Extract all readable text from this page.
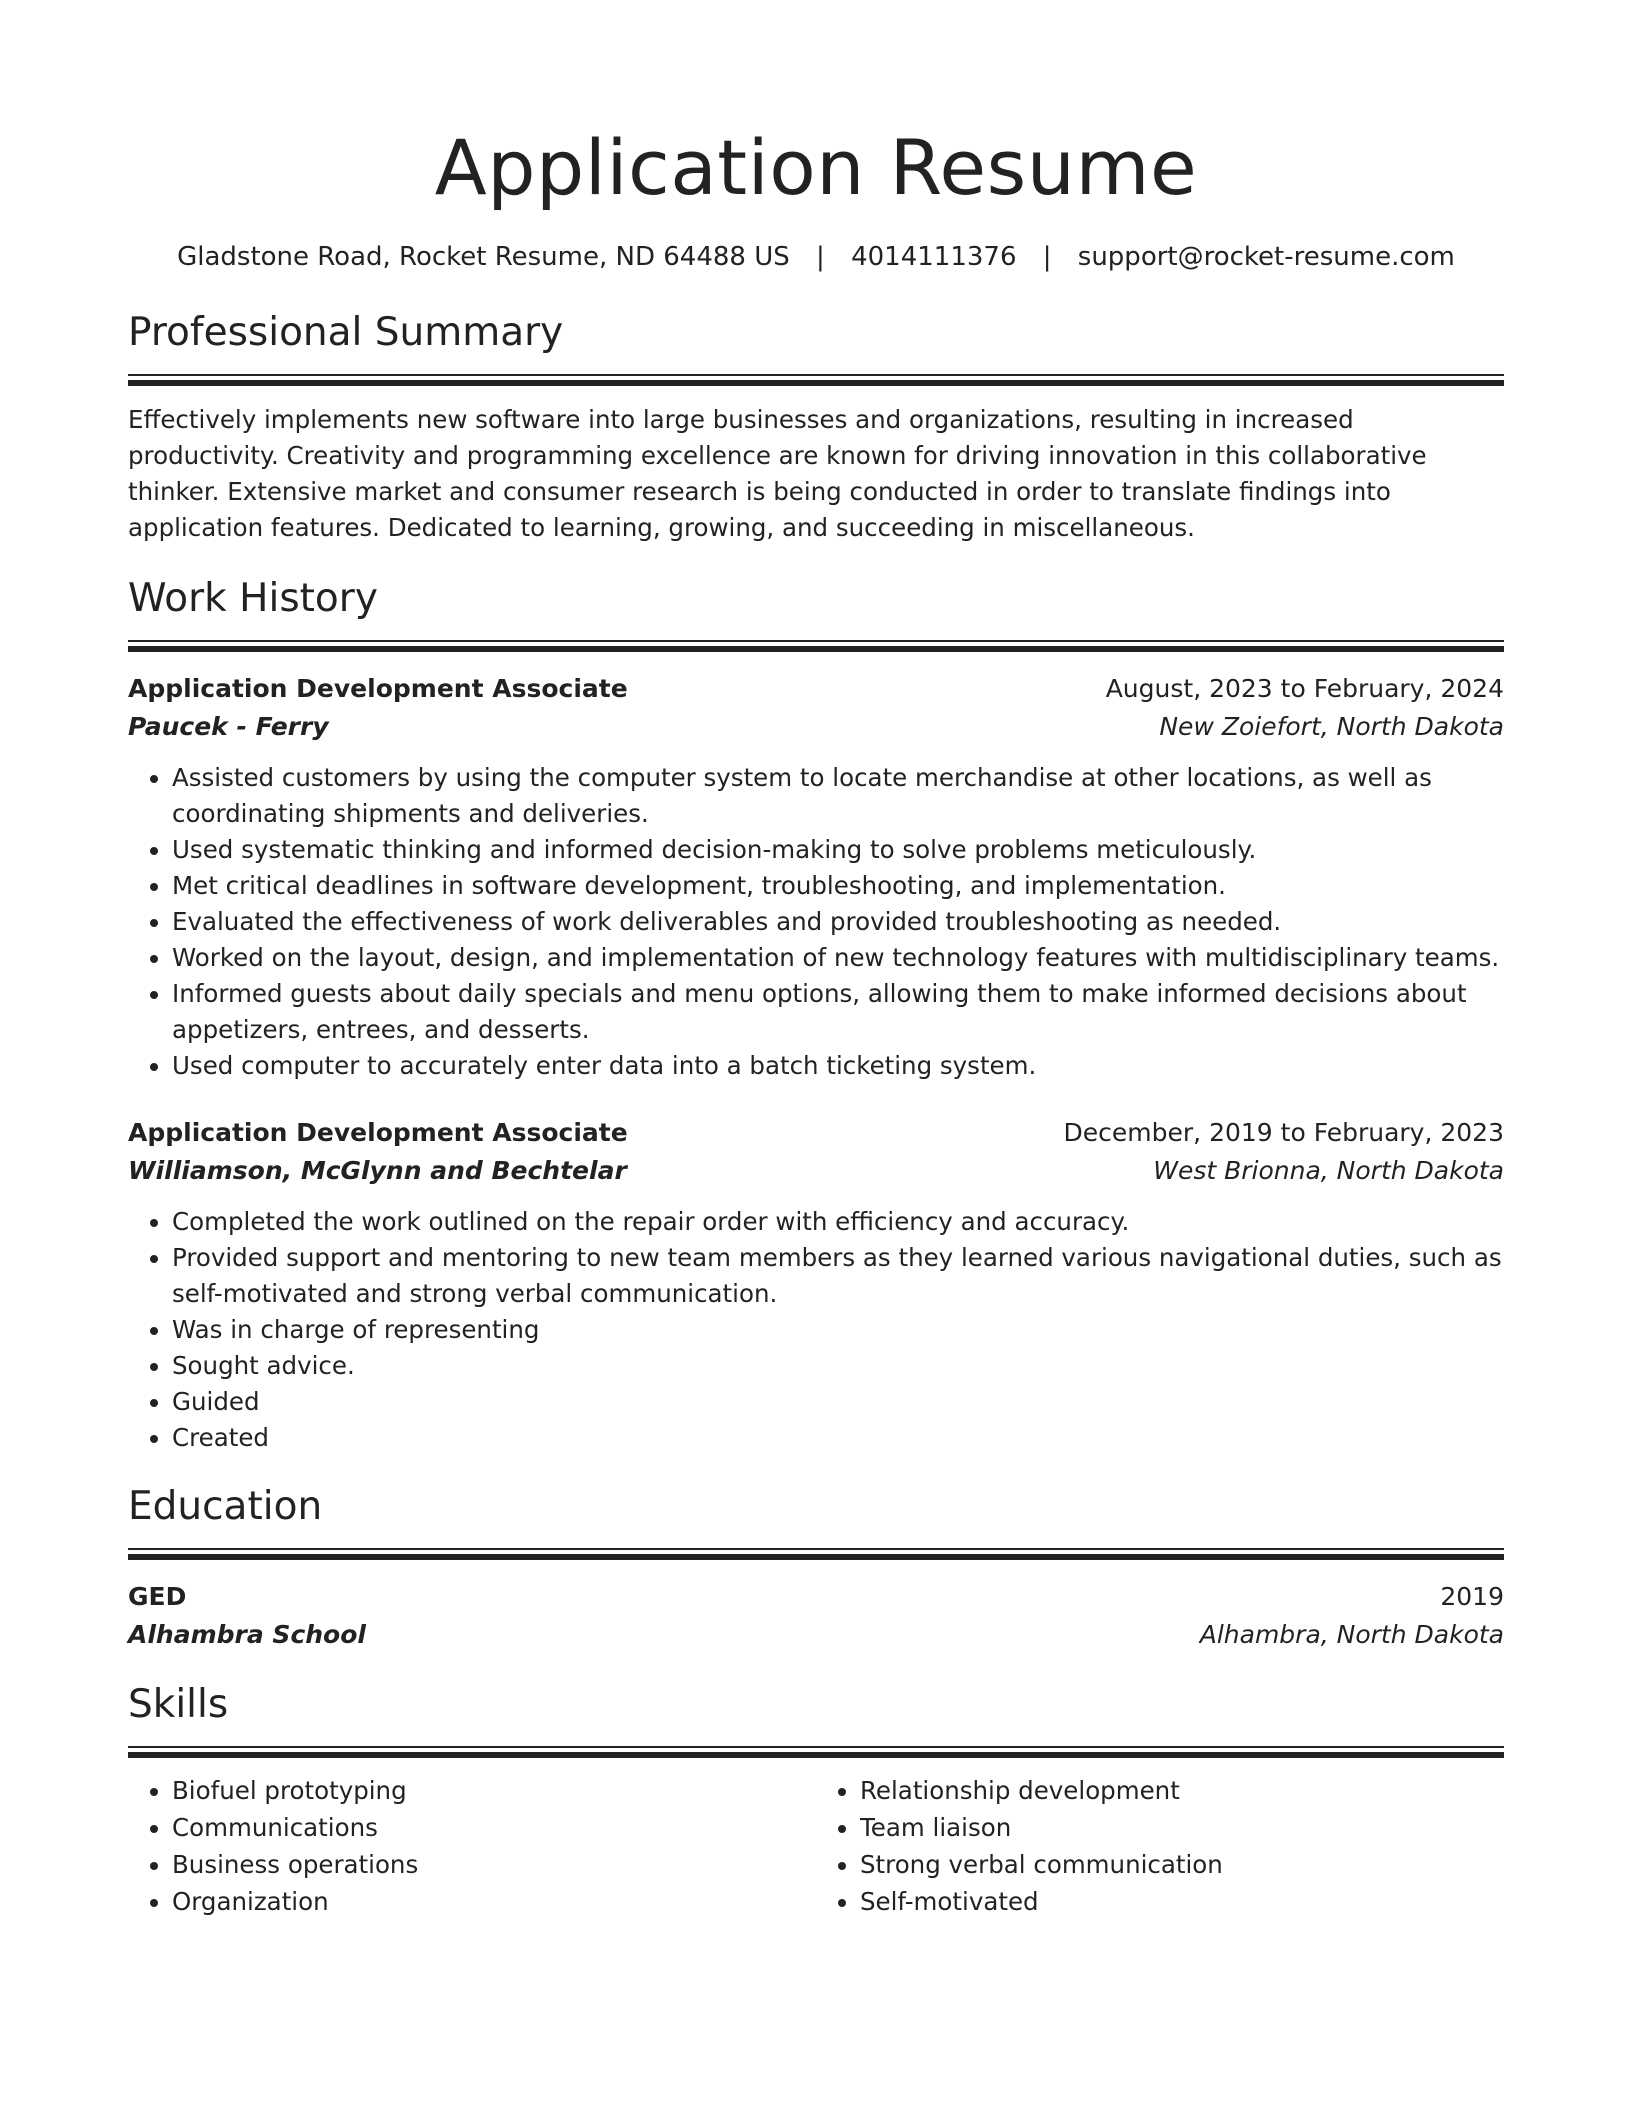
Application Resume
Gladstone Road, Rocket Resume, ND 64488 US | 4014111376 | support@rocket-resume.com
Professional Summary

Effectively implements new software into large businesses and organizations, resulting in increased productivity. Creativity and programming excellence are known for driving innovation in this collaborative thinker. Extensive market and consumer research is being conducted in order to translate findings into application features. Dedicated to learning, growing, and succeeding in miscellaneous.

Work History
Application Development Associate	August, 2023 to February, 2024
Paucek - Ferry	New Zoiefort, North Dakota
• Assisted customers by using the computer system to locate merchandise at other locations, as well as coordinating shipments and deliveries.
• Used systematic thinking and informed decision-making to solve problems meticulously.
• Met critical deadlines in software development, troubleshooting, and implementation.
• Evaluated the effectiveness of work deliverables and provided troubleshooting as needed.
• Worked on the layout, design, and implementation of new technology features with multidisciplinary teams.
• Informed guests about daily specials and menu options, allowing them to make informed decisions about appetizers, entrees, and desserts.
• Used computer to accurately enter data into a batch ticketing system.
Application Development Associate	December, 2019 to February, 2023
Williamson, McGlynn and Bechtelar	West Brionna, North Dakota
• Completed the work outlined on the repair order with efficiency and accuracy.
• Provided support and mentoring to new team members as they learned various navigational duties, such as self-motivated and strong verbal communication.
• Was in charge of representing
• Sought advice.
• Guided
• Created
Education
GED	2019
Alhambra School	Alhambra, North Dakota
Skills
• Biofuel prototyping
• Communications
• Business operations
• Organization
• Relationship development
• Team liaison
• Strong verbal communication
• Self-motivated
